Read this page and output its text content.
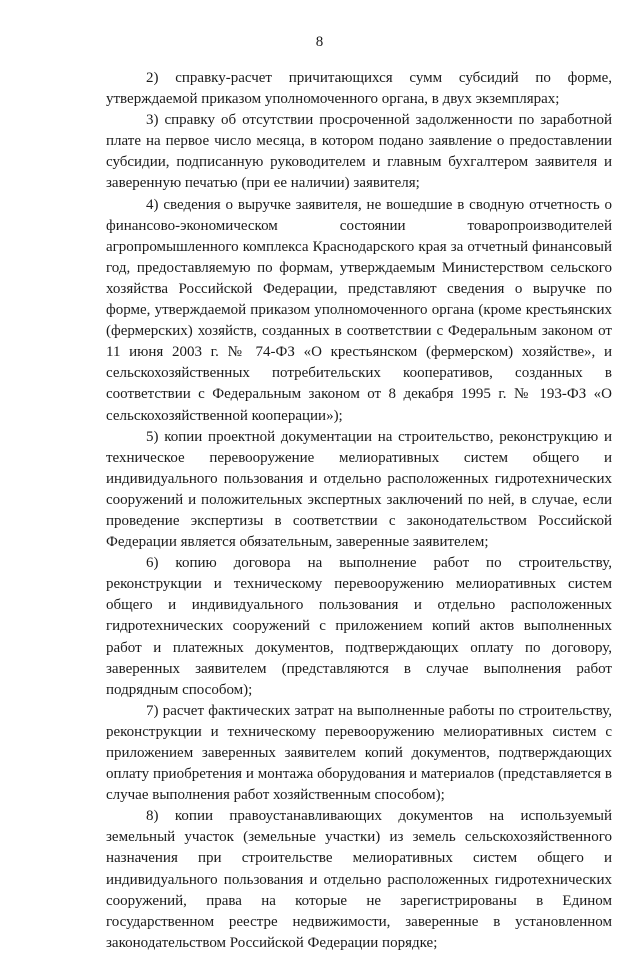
8

2) справку-расчет причитающихся сумм субсидий по форме, утверждаемой приказом уполномоченного органа, в двух экземплярах;

3) справку об отсутствии просроченной задолженности по заработной плате на первое число месяца, в котором подано заявление о предоставлении субсидии, подписанную руководителем и главным бухгалтером заявителя и заверенную печатью (при ее наличии) заявителя;

4) сведения о выручке заявителя, не вошедшие в сводную отчетность о финансово-экономическом состоянии товаропроизводителей агропромышленного комплекса Краснодарского края за отчетный финансовый год, предоставляемую по формам, утверждаемым Министерством сельского хозяйства Российской Федерации, представляют сведения о выручке по форме, утверждаемой приказом уполномоченного органа (кроме крестьянских (фермерских) хозяйств, созданных в соответствии с Федеральным законом от 11 июня 2003 г. № 74-ФЗ «О крестьянском (фермерском) хозяйстве», и сельскохозяйственных потребительских кооперативов, созданных в соответствии с Федеральным законом от 8 декабря 1995 г. № 193-ФЗ «О сельскохозяйственной кооперации»);

5) копии проектной документации на строительство, реконструкцию и техническое перевооружение мелиоративных систем общего и индивидуального пользования и отдельно расположенных гидротехнических сооружений и положительных экспертных заключений по ней, в случае, если проведение экспертизы в соответствии с законодательством Российской Федерации является обязательным, заверенные заявителем;

6) копию договора на выполнение работ по строительству, реконструкции и техническому перевооружению мелиоративных систем общего и индивидуального пользования и отдельно расположенных гидротехнических сооружений с приложением копий актов выполненных работ и платежных документов, подтверждающих оплату по договору, заверенных заявителем (представляются в случае выполнения работ подрядным способом);

7) расчет фактических затрат на выполненные работы по строительству, реконструкции и техническому перевооружению мелиоративных систем с приложением заверенных заявителем копий документов, подтверждающих оплату приобретения и монтажа оборудования и материалов (представляется в случае выполнения работ хозяйственным способом);

8) копии правоустанавливающих документов на используемый земельный участок (земельные участки) из земель сельскохозяйственного назначения при строительстве мелиоративных систем общего и индивидуального пользования и отдельно расположенных гидротехнических сооружений, права на которые не зарегистрированы в Едином государственном реестре недвижимости, заверенные в установленном законодательством Российской Федерации порядке;
